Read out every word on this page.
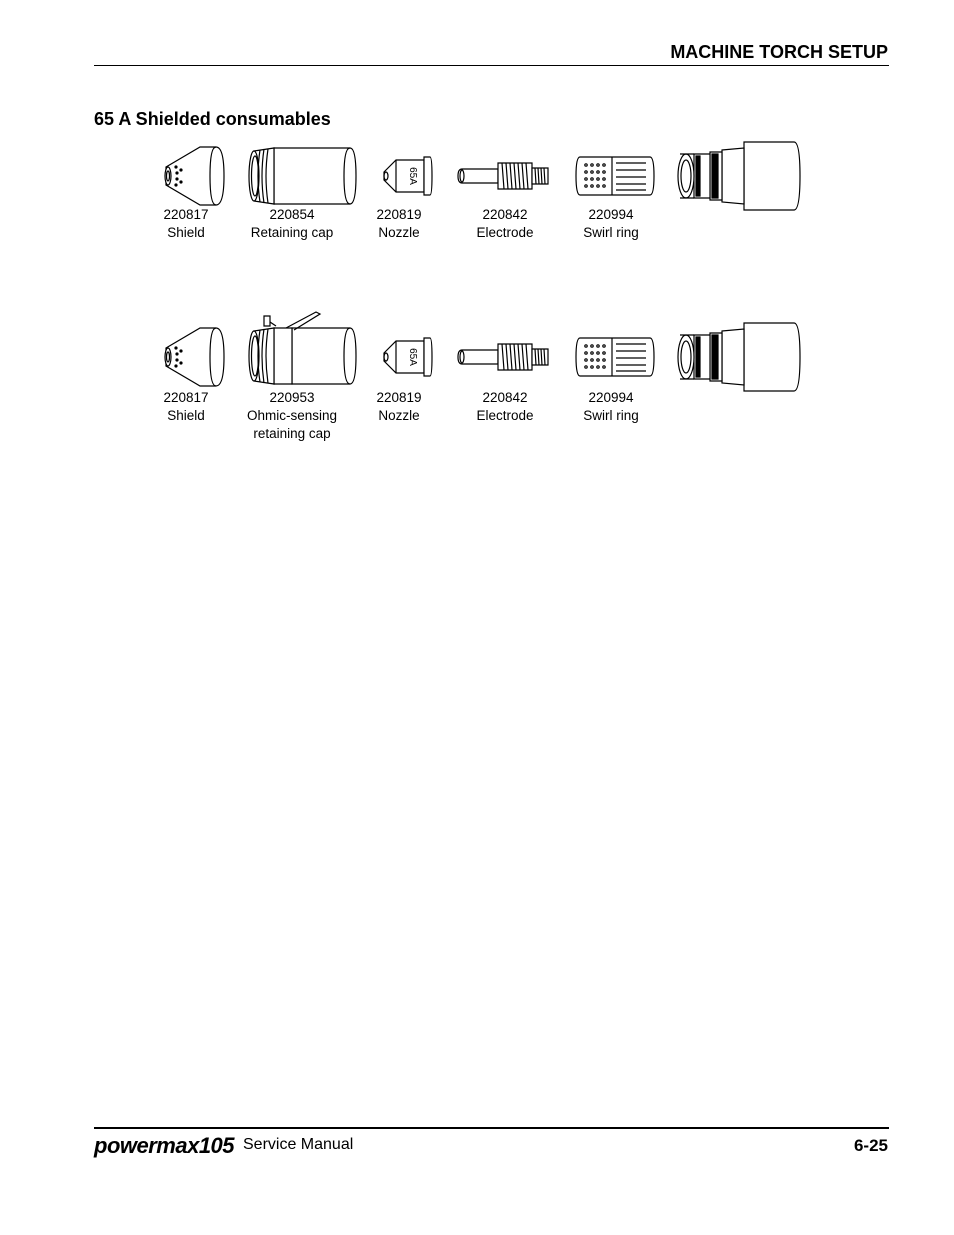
MACHINE TORCH SETUP
65 A Shielded consumables
65A
220817
Shield
220854
Retaining cap
220819
Nozzle
220842
Electrode
220994
Swirl ring
65A
220817
Shield
220953
Ohmic-sensing
retaining cap
220819
Nozzle
220842
Electrode
220994
Swirl ring
powermax105 Service Manual	6-25
